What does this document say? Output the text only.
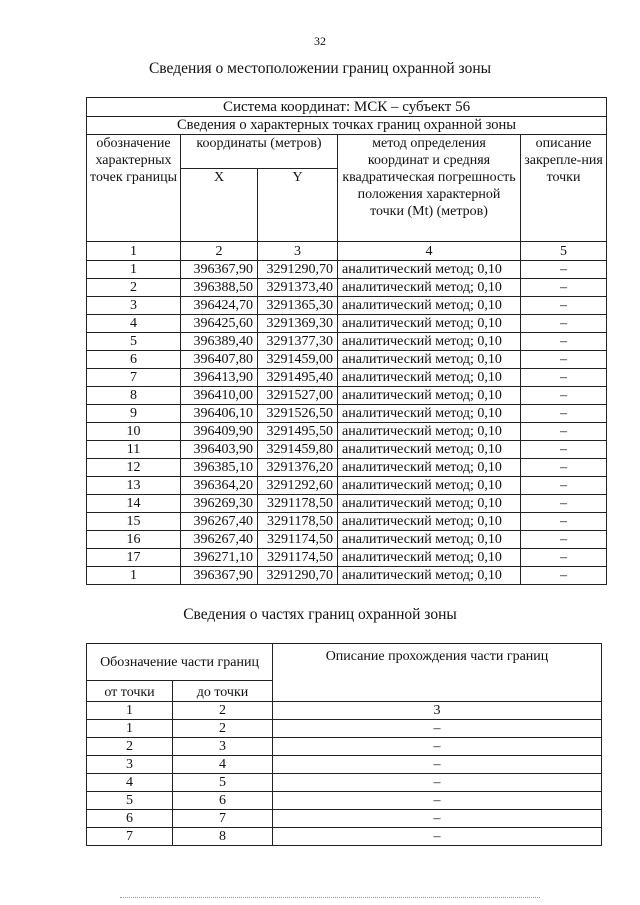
32
Сведения о местоположении границ охранной зоны
Система координат: МСК – субъект 56				
Сведения о характерных точках границ охранной зоны				
обозначение характерных точек границы	координаты (метров)		метод определения координат и средняя квадратическая погрешность положения характерной точки (Mt) (метров)	описание закрепле-ния точки
	X	Y		
1	2	3	4	5
1	396367,90	3291290,70	аналитический метод; 0,10	–
2	396388,50	3291373,40	аналитический метод; 0,10	–
3	396424,70	3291365,30	аналитический метод; 0,10	–
4	396425,60	3291369,30	аналитический метод; 0,10	–
5	396389,40	3291377,30	аналитический метод; 0,10	–
6	396407,80	3291459,00	аналитический метод; 0,10	–
7	396413,90	3291495,40	аналитический метод; 0,10	–
8	396410,00	3291527,00	аналитический метод; 0,10	–
9	396406,10	3291526,50	аналитический метод; 0,10	–
10	396409,90	3291495,50	аналитический метод; 0,10	–
11	396403,90	3291459,80	аналитический метод; 0,10	–
12	396385,10	3291376,20	аналитический метод; 0,10	–
13	396364,20	3291292,60	аналитический метод; 0,10	–
14	396269,30	3291178,50	аналитический метод; 0,10	–
15	396267,40	3291178,50	аналитический метод; 0,10	–
16	396267,40	3291174,50	аналитический метод; 0,10	–
17	396271,10	3291174,50	аналитический метод; 0,10	–
1	396367,90	3291290,70	аналитический метод; 0,10	–
Сведения о частях границ охранной зоны
Обозначение части границ		Описание прохождения части границ
от точки	до точки	
1	2	3
1	2	–
2	3	–
3	4	–
4	5	–
5	6	–
6	7	–
7	8	–
